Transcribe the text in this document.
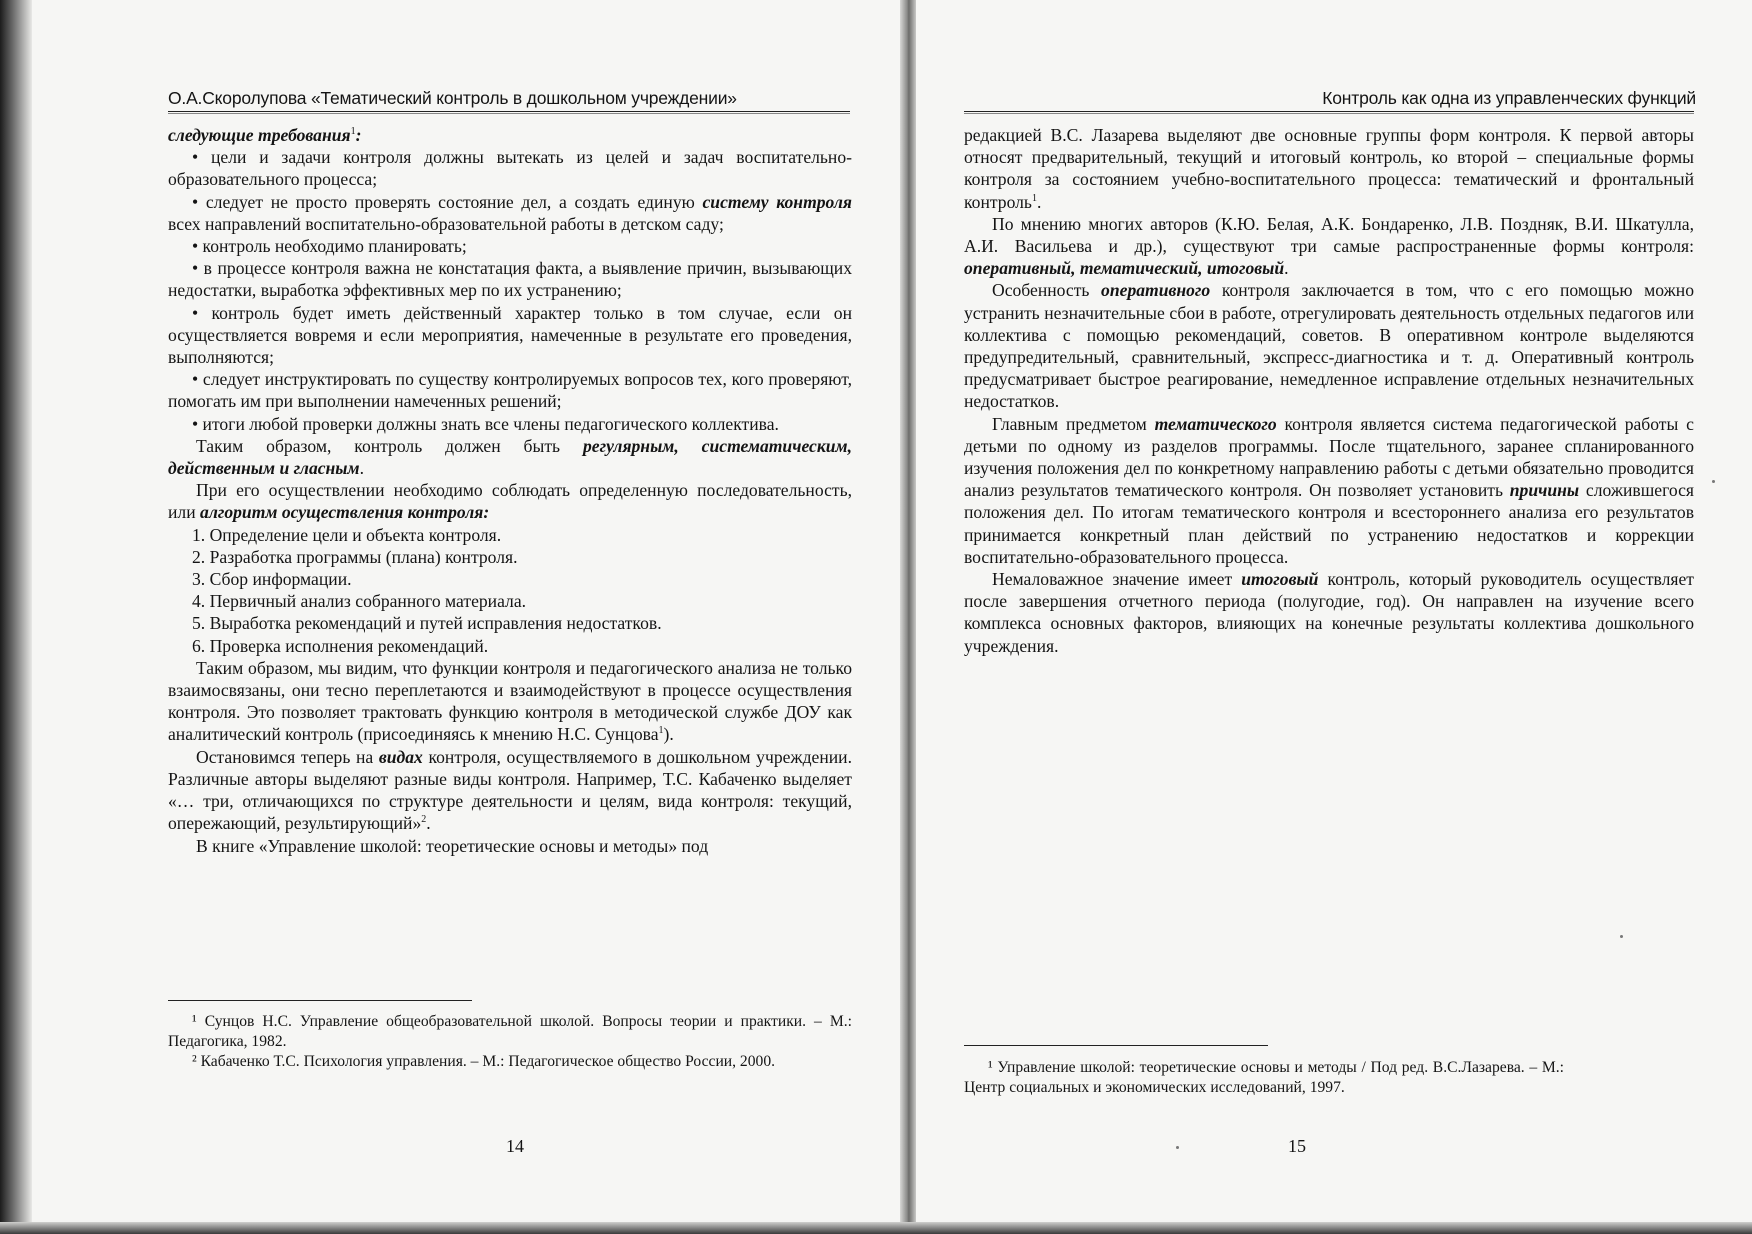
О.А.Скоролупова «Тематический контроль в дошкольном учреждении»

следующие требования$^1$:

• цели и задачи контроля должны вытекать из целей и задач воспитательно-образовательного процесса;

• следует не просто проверять состояние дел, а создать единую систему контроля всех направлений воспитательно-образовательной работы в детском саду;

• контроль необходимо планировать;

• в процессе контроля важна не констатация факта, а выявление причин, вызывающих недостатки, выработка эффективных мер по их устранению;

• контроль будет иметь действенный характер только в том случае, если он осуществляется вовремя и если мероприятия, намеченные в результате его проведения, выполняются;

• следует инструктировать по существу контролируемых вопросов тех, кого проверяют, помогать им при выполнении намеченных решений;

• итоги любой проверки должны знать все члены педагогического коллектива.

Таким образом, контроль должен быть регулярным, систематическим, действенным и гласным.

При его осуществлении необходимо соблюдать определенную последовательность, или алгоритм осуществления контроля:

1. Определение цели и объекта контроля.

2. Разработка программы (плана) контроля.

3. Сбор информации.

4. Первичный анализ собранного материала.

5. Выработка рекомендаций и путей исправления недостатков.

6. Проверка исполнения рекомендаций.

Таким образом, мы видим, что функции контроля и педагогического анализа не только взаимосвязаны, они тесно переплетаются и взаимодействуют в процессе осуществления контроля. Это позволяет трактовать функцию контроля в методической службе ДОУ как аналитический контроль (присоединяясь к мнению Н.С. Сунцова$^1$).

Остановимся теперь на видах контроля, осуществляемого в дошкольном учреждении. Различные авторы выделяют разные виды контроля. Например, Т.С. Кабаченко выделяет «… три, отличающихся по структуре деятельности и целям, вида контроля: текущий, опережающий, результирующий»$^2$.

В книге «Управление школой: теоретические основы и методы» под

¹ Сунцов Н.С. Управление общеобразовательной школой. Вопросы теории и практики. – М.: Педагогика, 1982.

² Кабаченко Т.С. Психология управления. – М.: Педагогическое общество России, 2000.

14
Контроль как одна из управленческих функций

редакцией В.С. Лазарева выделяют две основные группы форм контроля. К первой авторы относят предварительный, текущий и итоговый контроль, ко второй – специальные формы контроля за состоянием учебно-воспитательного процесса: тематический и фронтальный контроль$^1$.

По мнению многих авторов (К.Ю. Белая, А.К. Бондаренко, Л.В. Поздняк, В.И. Шкатулла, А.И. Васильева и др.), существуют три самые распространенные формы контроля: оперативный, тематический, итоговый.

Особенность оперативного контроля заключается в том, что с его помощью можно устранить незначительные сбои в работе, отрегулировать деятельность отдельных педагогов или коллектива с помощью рекомендаций, советов. В оперативном контроле выделяются предупредительный, сравнительный, экспресс-диагностика и т. д. Оперативный контроль предусматривает быстрое реагирование, немедленное исправление отдельных незначительных недостатков.

Главным предметом тематического контроля является система педагогической работы с детьми по одному из разделов программы. После тщательного, заранее спланированного изучения положения дел по конкретному направлению работы с детьми обязательно проводится анализ результатов тематического контроля. Он позволяет установить причины сложившегося положения дел. По итогам тематического контроля и всестороннего анализа его результатов принимается конкретный план действий по устранению недостатков и коррекции воспитательно-образовательного процесса.

Немаловажное значение имеет итоговый контроль, который руководитель осуществляет после завершения отчетного периода (полугодие, год). Он направлен на изучение всего комплекса основных факторов, влияющих на конечные результаты коллектива дошкольного учреждения.

¹ Управление школой: теоретические основы и методы / Под ред. В.С.Лазарева. – М.: Центр социальных и экономических исследований, 1997.

15
